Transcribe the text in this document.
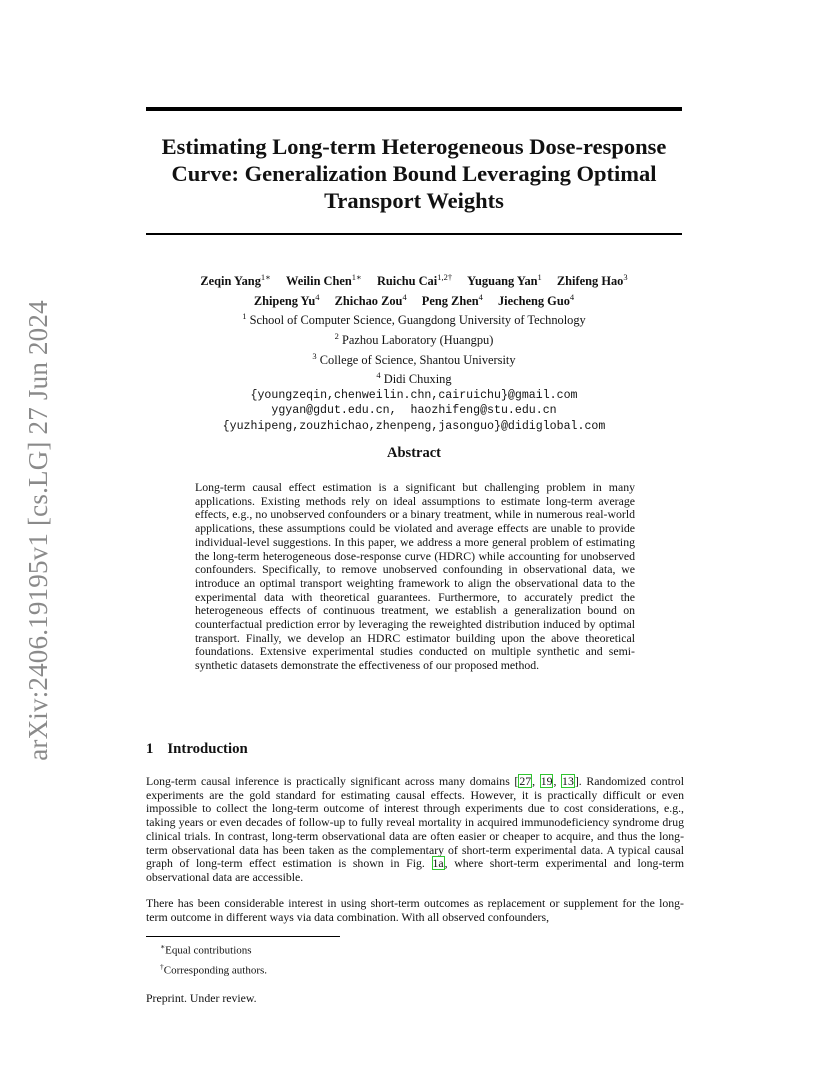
arXiv:2406.19195v1 [cs.LG] 27 Jun 2024
Estimating Long-term Heterogeneous Dose-response Curve: Generalization Bound Leveraging Optimal Transport Weights
Zeqin Yang$^{1∗}$ Weilin Chen$^{1∗}$ Ruichu Cai$^{1,2\dagger}$ Yuguang Yan$^1$ Zhifeng Hao$^3$
Zhipeng Yu$^4$ Zhichao Zou$^4$ Peng Zhen$^4$ Jiecheng Guo$^4$
$^1$ School of Computer Science, Guangdong University of Technology
$^2$ Pazhou Laboratory (Huangpu)
$^3$ College of Science, Shantou University
$^4$ Didi Chuxing
{youngzeqin,chenweilin.chn,cairuichu}@gmail.com
ygyan@gdut.edu.cn,  haozhifeng@stu.edu.cn
{yuzhipeng,zouzhichao,zhenpeng,jasonguo}@didiglobal.com
Abstract
Long-term causal effect estimation is a significant but challenging problem in many applications. Existing methods rely on ideal assumptions to estimate long-term average effects, e.g., no unobserved confounders or a binary treatment, while in numerous real-world applications, these assumptions could be violated and average effects are unable to provide individual-level suggestions. In this paper, we address a more general problem of estimating the long-term heterogeneous dose-response curve (HDRC) while accounting for unobserved confounders. Specifically, to remove unobserved confounding in observational data, we introduce an optimal transport weighting framework to align the observational data to the experimental data with theoretical guarantees. Furthermore, to accurately predict the heterogeneous effects of continuous treatment, we establish a generalization bound on counterfactual prediction error by leveraging the reweighted distribution induced by optimal transport. Finally, we develop an HDRC estimator building upon the above theoretical foundations. Extensive experimental studies conducted on multiple synthetic and semi-synthetic datasets demonstrate the effectiveness of our proposed method.
1 Introduction
Long-term causal inference is practically significant across many domains [27, 19, 13]. Randomized control experiments are the gold standard for estimating causal effects. However, it is practically difficult or even impossible to collect the long-term outcome of interest through experiments due to cost considerations, e.g., taking years or even decades of follow-up to fully reveal mortality in acquired immunodeficiency syndrome drug clinical trials. In contrast, long-term observational data are often easier or cheaper to acquire, and thus the long-term observational data has been taken as the complementary of short-term experimental data. A typical causal graph of long-term effect estimation is shown in Fig. 1a, where short-term experimental and long-term observational data are accessible.
There has been considerable interest in using short-term outcomes as replacement or supplement for the long-term outcome in different ways via data combination. With all observed confounders,
∗Equal contributions
†Corresponding authors.
Preprint. Under review.
